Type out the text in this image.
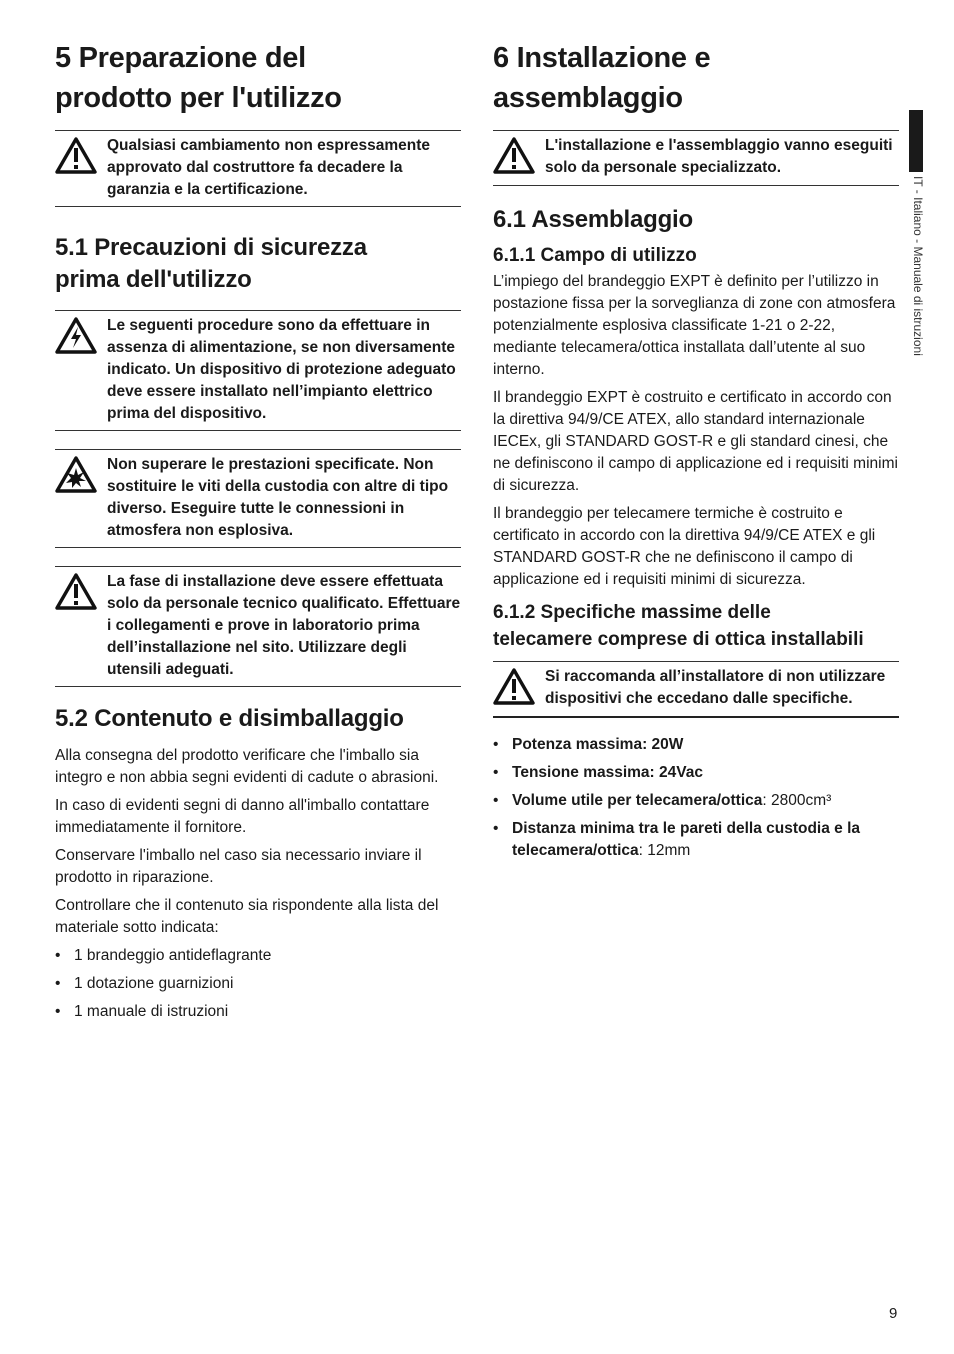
5 Preparazione del prodotto per l'utilizzo
Qualsiasi cambiamento non espressamente approvato dal costruttore fa decadere la garanzia e la certificazione.
5.1 Precauzioni di sicurezza prima dell'utilizzo
Le seguenti procedure sono da effettuare in assenza di alimentazione, se non diversamente indicato. Un dispositivo di protezione adeguato deve essere installato nell’impianto elettrico prima del dispositivo.
Non superare le prestazioni specificate. Non sostituire le viti della custodia con altre di tipo diverso. Eseguire tutte le connessioni in atmosfera non esplosiva.
La fase di installazione deve essere effettuata solo da personale tecnico qualificato. Effettuare i collegamenti e prove in laboratorio prima dell’installazione nel sito. Utilizzare degli utensili adeguati.
5.2 Contenuto e disimballaggio

Alla consegna del prodotto verificare che l'imballo sia integro e non abbia segni evidenti di cadute o abrasioni.

In caso di evidenti segni di danno all'imballo contattare immediatamente il fornitore.

Conservare l'imballo nel caso sia necessario inviare il prodotto in riparazione.

Controllare che il contenuto sia rispondente alla lista del materiale sotto indicata:

• 1 brandeggio antideflagrante
• 1 dotazione guarnizioni
• 1 manuale di istruzioni
6 Installazione e assemblaggio
L'installazione e l'assemblaggio vanno eseguiti solo da personale specializzato.
6.1 Assemblaggio
6.1.1 Campo di utilizzo

L’impiego del brandeggio EXPT è definito per l’utilizzo in postazione fissa per la sorveglianza di zone con atmosfera potenzialmente esplosiva classificate 1-21 o 2-22, mediante telecamera/ottica installata dall’utente al suo interno.

Il brandeggio EXPT è costruito e certificato in accordo con la direttiva 94/9/CE ATEX, allo standard internazionale IECEx, gli STANDARD GOST-R e gli standard cinesi, che ne definiscono il campo di applicazione ed i requisiti minimi di sicurezza.

Il brandeggio per telecamere termiche è costruito e certificato in accordo con la direttiva 94/9/CE ATEX e gli STANDARD GOST-R che ne definiscono il campo di applicazione ed i requisiti minimi di sicurezza.

6.1.2 Specifiche massime delle telecamere comprese di ottica installabili
Si raccomanda all’installatore di non utilizzare dispositivi che eccedano dalle specifiche.
• Potenza massima: 20W
• Tensione massima: 24Vac
• Volume utile per telecamera/ottica: 2800cm³
• Distanza minima tra le pareti della custodia e la telecamera/ottica: 12mm
IT - Italiano - Manuale di istruzioni
9
